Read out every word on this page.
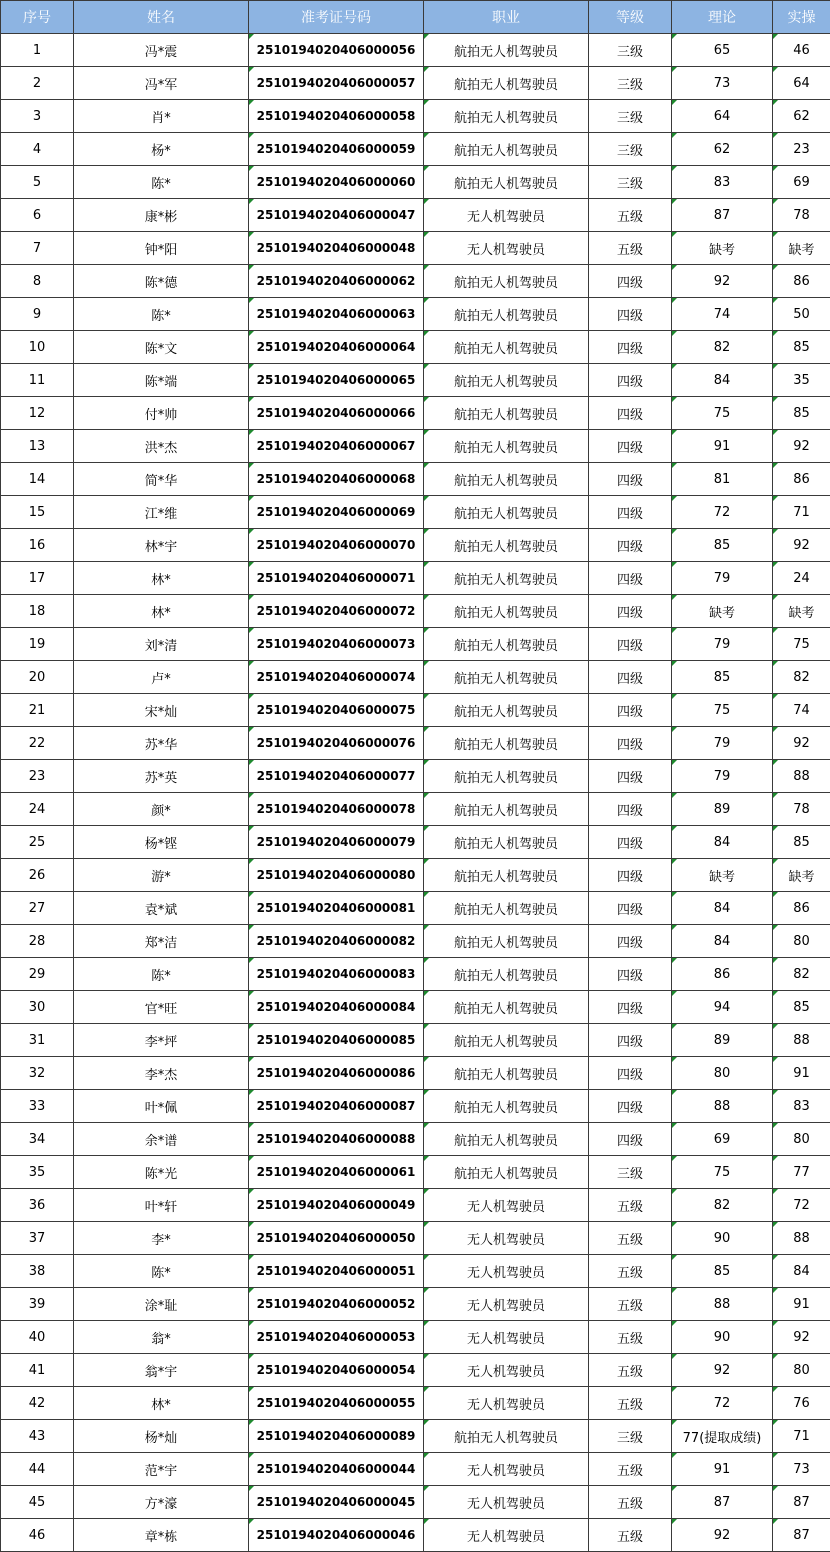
序号	姓名	准考证号码	职业	等级	理论	实操
1	冯*震	2510194020406000056	航拍无人机驾驶员	三级	65	46
2	冯*军	2510194020406000057	航拍无人机驾驶员	三级	73	64
3	肖*	2510194020406000058	航拍无人机驾驶员	三级	64	62
4	杨*	2510194020406000059	航拍无人机驾驶员	三级	62	23
5	陈*	2510194020406000060	航拍无人机驾驶员	三级	83	69
6	康*彬	2510194020406000047	无人机驾驶员	五级	87	78
7	钟*阳	2510194020406000048	无人机驾驶员	五级	缺考	缺考
8	陈*德	2510194020406000062	航拍无人机驾驶员	四级	92	86
9	陈*	2510194020406000063	航拍无人机驾驶员	四级	74	50
10	陈*文	2510194020406000064	航拍无人机驾驶员	四级	82	85
11	陈*端	2510194020406000065	航拍无人机驾驶员	四级	84	35
12	付*帅	2510194020406000066	航拍无人机驾驶员	四级	75	85
13	洪*杰	2510194020406000067	航拍无人机驾驶员	四级	91	92
14	简*华	2510194020406000068	航拍无人机驾驶员	四级	81	86
15	江*维	2510194020406000069	航拍无人机驾驶员	四级	72	71
16	林*宇	2510194020406000070	航拍无人机驾驶员	四级	85	92
17	林*	2510194020406000071	航拍无人机驾驶员	四级	79	24
18	林*	2510194020406000072	航拍无人机驾驶员	四级	缺考	缺考
19	刘*清	2510194020406000073	航拍无人机驾驶员	四级	79	75
20	卢*	2510194020406000074	航拍无人机驾驶员	四级	85	82
21	宋*灿	2510194020406000075	航拍无人机驾驶员	四级	75	74
22	苏*华	2510194020406000076	航拍无人机驾驶员	四级	79	92
23	苏*英	2510194020406000077	航拍无人机驾驶员	四级	79	88
24	颜*	2510194020406000078	航拍无人机驾驶员	四级	89	78
25	杨*铿	2510194020406000079	航拍无人机驾驶员	四级	84	85
26	游*	2510194020406000080	航拍无人机驾驶员	四级	缺考	缺考
27	袁*斌	2510194020406000081	航拍无人机驾驶员	四级	84	86
28	郑*洁	2510194020406000082	航拍无人机驾驶员	四级	84	80
29	陈*	2510194020406000083	航拍无人机驾驶员	四级	86	82
30	官*旺	2510194020406000084	航拍无人机驾驶员	四级	94	85
31	李*坪	2510194020406000085	航拍无人机驾驶员	四级	89	88
32	李*杰	2510194020406000086	航拍无人机驾驶员	四级	80	91
33	叶*佩	2510194020406000087	航拍无人机驾驶员	四级	88	83
34	余*谱	2510194020406000088	航拍无人机驾驶员	四级	69	80
35	陈*光	2510194020406000061	航拍无人机驾驶员	三级	75	77
36	叶*轩	2510194020406000049	无人机驾驶员	五级	82	72
37	李*	2510194020406000050	无人机驾驶员	五级	90	88
38	陈*	2510194020406000051	无人机驾驶员	五级	85	84
39	涂*耻	2510194020406000052	无人机驾驶员	五级	88	91
40	翁*	2510194020406000053	无人机驾驶员	五级	90	92
41	翁*宇	2510194020406000054	无人机驾驶员	五级	92	80
42	林*	2510194020406000055	无人机驾驶员	五级	72	76
43	杨*灿	2510194020406000089	航拍无人机驾驶员	三级	77(提取成绩)	71
44	范*宇	2510194020406000044	无人机驾驶员	五级	91	73
45	方*濠	2510194020406000045	无人机驾驶员	五级	87	87
46	章*栋	2510194020406000046	无人机驾驶员	五级	92	87
